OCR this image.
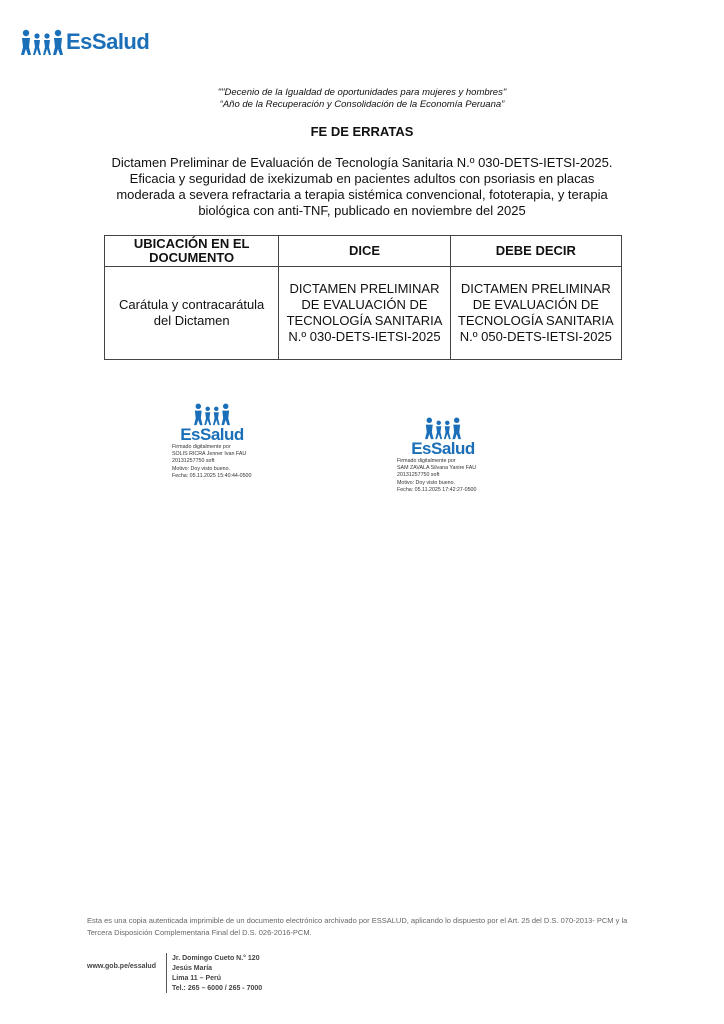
EsSalud
""Decenio de la Igualdad de oportunidades para mujeres y hombres"
“Año de la Recuperación y Consolidación de la Economía Peruana”
FE DE ERRATAS
Dictamen Preliminar de Evaluación de Tecnología Sanitaria N.º 030-DETS-IETSI-2025. Eficacia y seguridad de ixekizumab en pacientes adultos con psoriasis en placas moderada a severa refractaria a terapia sistémica convencional, fototerapia, y terapia biológica con anti-TNF, publicado en noviembre del 2025
UBICACIÓN EN EL DOCUMENTO	DICE	DEBE DECIR
Carátula y contracarátula del Dictamen	DICTAMEN PRELIMINAR DE EVALUACIÓN DE TECNOLOGÍA SANITARIA N.º 030-DETS-IETSI-2025	DICTAMEN PRELIMINAR DE EVALUACIÓN DE TECNOLOGÍA SANITARIA N.º 050-DETS-IETSI-2025
EsSalud
Firmado digitalmente por
SOLIS RICRA Jenner Ivan FAU
20131257750 soft
Motivo: Doy visto bueno.
Fecha: 05.11.2025 15:40:44-0500
EsSalud
Firmado digitalmente por
SAM ZAVALA Silvana Yanire FAU
20131257750 soft
Motivo: Doy visto bueno.
Fecha: 05.11.2025 17:42:27-0500
Esta es una copia autenticada imprimible de un documento electrónico archivado por ESSALUD, aplicando lo dispuesto por el Art. 25 del D.S. 070-2013- PCM y la Tercera Disposición Complementaria Final del D.S. 026-2016-PCM.
www.gob.pe/essalud
Jr. Domingo Cueto N.° 120
Jesús María
Lima 11 – Perú
Tel.: 265 – 6000 / 265 - 7000
